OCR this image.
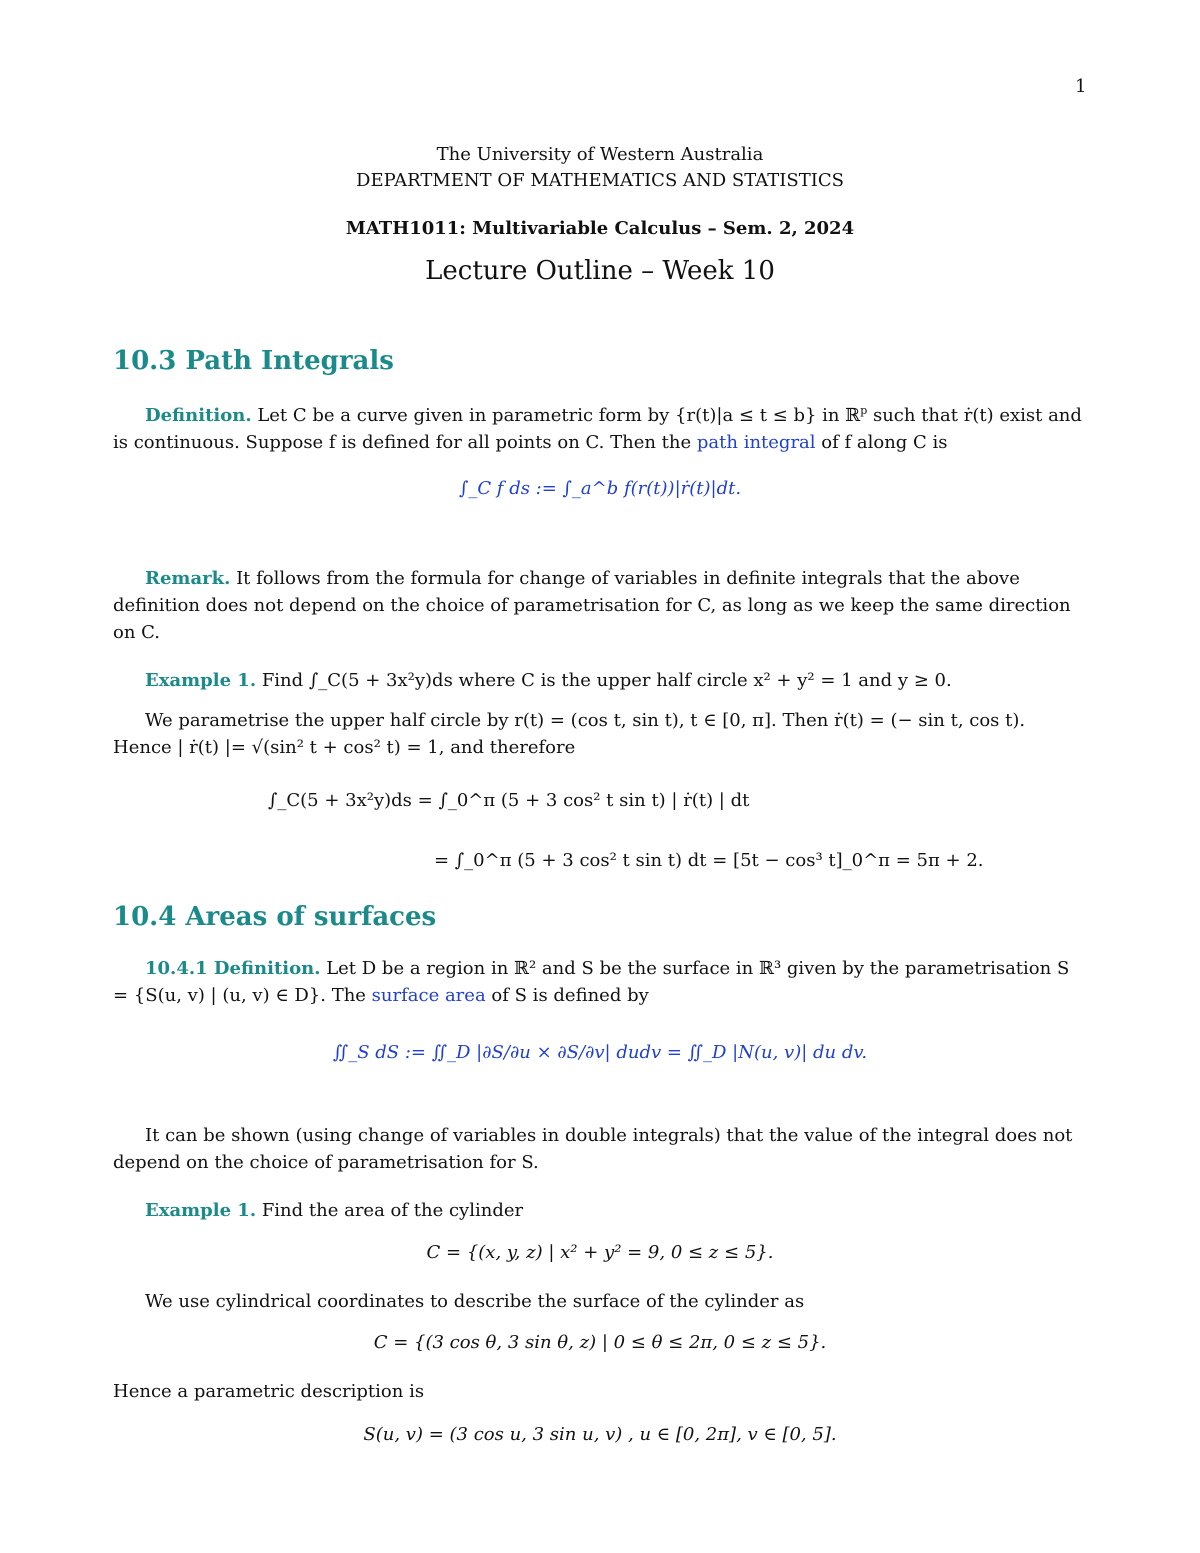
1
The University of Western Australia
DEPARTMENT OF MATHEMATICS AND STATISTICS
MATH1011: Multivariable Calculus – Sem. 2, 2024
Lecture Outline – Week 10
10.3 Path Integrals
Definition. Let C be a curve given in parametric form by {r(t)|a ≤ t ≤ b} in ℝ$^p$ such that ṙ(t) exist and is continuous. Suppose f is defined for all points on C. Then the path integral of f along C is
∫_C f ds := ∫_a^b f(r(t))|ṙ(t)|dt.
Remark. It follows from the formula for change of variables in definite integrals that the above definition does not depend on the choice of parametrisation for C, as long as we keep the same direction on C.
Example 1. Find ∫_C(5 + 3x²y)ds where C is the upper half circle x² + y² = 1 and y ≥ 0.
We parametrise the upper half circle by r(t) = (cos t, sin t), t ∈ [0, π]. Then ṙ(t) = (− sin t, cos t).
Hence | ṙ(t) |= √(sin² t + cos² t) = 1, and therefore
∫_C(5 + 3x²y)ds = ∫_0^π (5 + 3 cos² t sin t) | ṙ(t) | dt
= ∫_0^π (5 + 3 cos² t sin t) dt = [5t − cos³ t]_0^π = 5π + 2.
10.4 Areas of surfaces
10.4.1 Definition. Let D be a region in ℝ² and S be the surface in ℝ³ given by the parametrisation S = {S(u, v) | (u, v) ∈ D}. The surface area of S is defined by
∬_S dS := ∬_D |∂S/∂u × ∂S/∂v| dudv = ∬_D |N(u, v)| du dv.
It can be shown (using change of variables in double integrals) that the value of the integral does not depend on the choice of parametrisation for S.
Example 1. Find the area of the cylinder
C = {(x, y, z) | x² + y² = 9, 0 ≤ z ≤ 5}.
We use cylindrical coordinates to describe the surface of the cylinder as
C = {(3 cos θ, 3 sin θ, z) | 0 ≤ θ ≤ 2π, 0 ≤ z ≤ 5}.
Hence a parametric description is
S(u, v) = (3 cos u, 3 sin u, v) , u ∈ [0, 2π], v ∈ [0, 5].
